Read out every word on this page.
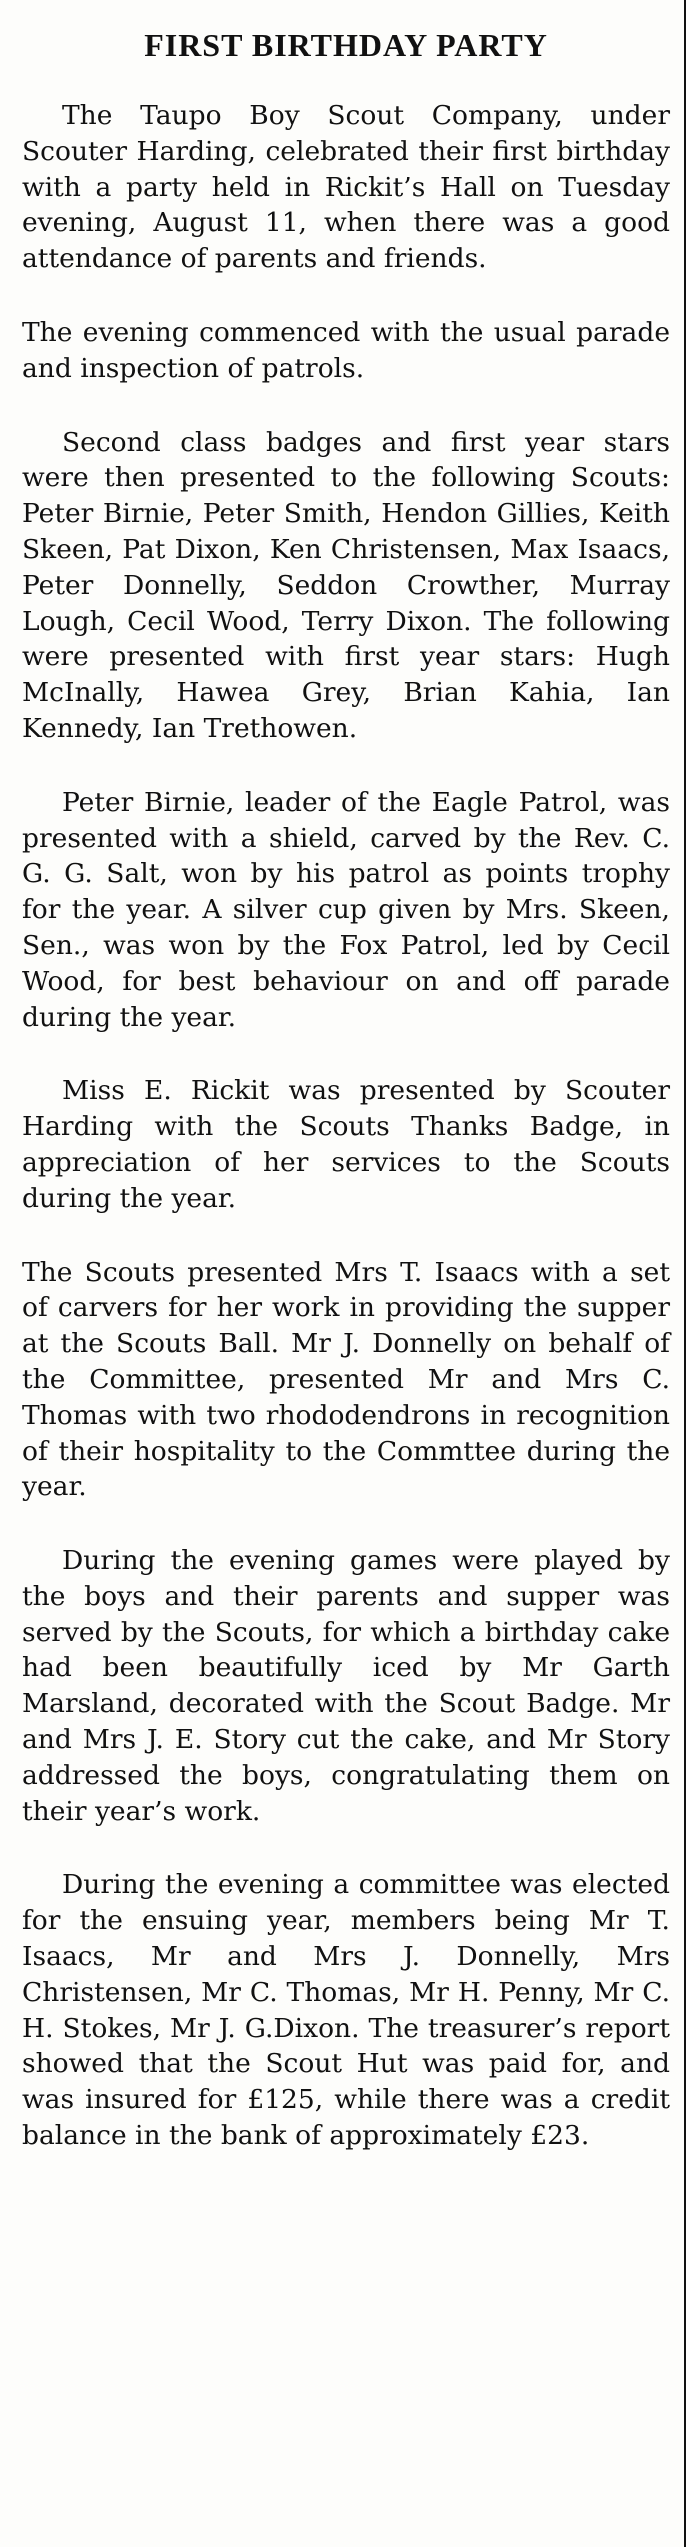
FIRST BIRTHDAY PARTY

The Taupo Boy Scout Company, under Scouter Harding, celebrated their first birthday with a party held in Rickit’s Hall on Tuesday evening, August 11, when there was a good attendance of parents and friends.

The evening commenced with the usual parade and inspection of patrols.

Second class badges and first year stars were then presented to the following Scouts: Peter Birnie, Peter Smith, Hendon Gillies, Keith Skeen, Pat Dixon, Ken Christensen, Max Isaacs, Peter Donnelly, Seddon Crowther, Murray Lough, Cecil Wood, Terry Dixon. The following were presented with first year stars: Hugh McInally, Hawea Grey, Brian Kahia, Ian Kennedy, Ian Trethowen.

Peter Birnie, leader of the Eagle Patrol, was presented with a shield, carved by the Rev. C. G. G. Salt, won by his patrol as points trophy for the year. A silver cup given by Mrs. Skeen, Sen., was won by the Fox Patrol, led by Cecil Wood, for best behaviour on and off parade during the year.

Miss E. Rickit was presented by Scouter Harding with the Scouts Thanks Badge, in appreciation of her services to the Scouts during the year.

The Scouts presented Mrs T. Isaacs with a set of carvers for her work in providing the supper at the Scouts Ball. Mr J. Donnelly on behalf of the Committee, presented Mr and Mrs C. Thomas with two rhododendrons in recognition of their hospitality to the Commttee during the year.

During the evening games were played by the boys and their parents and supper was served by the Scouts, for which a birthday cake had been beautifully iced by Mr Garth Marsland, decorated with the Scout Badge. Mr and Mrs J. E. Story cut the cake, and Mr Story addressed the boys, congratulating them on their year’s work.

During the evening a committee was elected for the ensuing year, members being Mr T. Isaacs, Mr and Mrs J. Donnelly, Mrs Christensen, Mr C. Thomas, Mr H. Penny, Mr C. H. Stokes, Mr J. G.Dixon. The treasurer’s report showed that the Scout Hut was paid for, and was insured for £125, while there was a credit balance in the bank of approximately £23.
